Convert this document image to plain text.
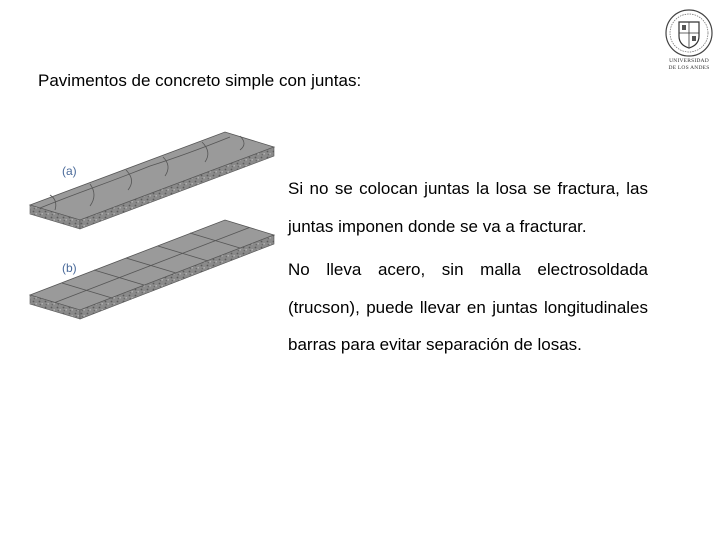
UNIVERSIDAD
DE LOS ANDES
Pavimentos de concreto simple con juntas:
(a)
(b)

Si no se colocan juntas la losa se fractura, las juntas imponen donde se va a fracturar.

No lleva acero, sin malla electrosoldada (trucson), puede llevar en juntas longitudinales barras para evitar separación de losas.
